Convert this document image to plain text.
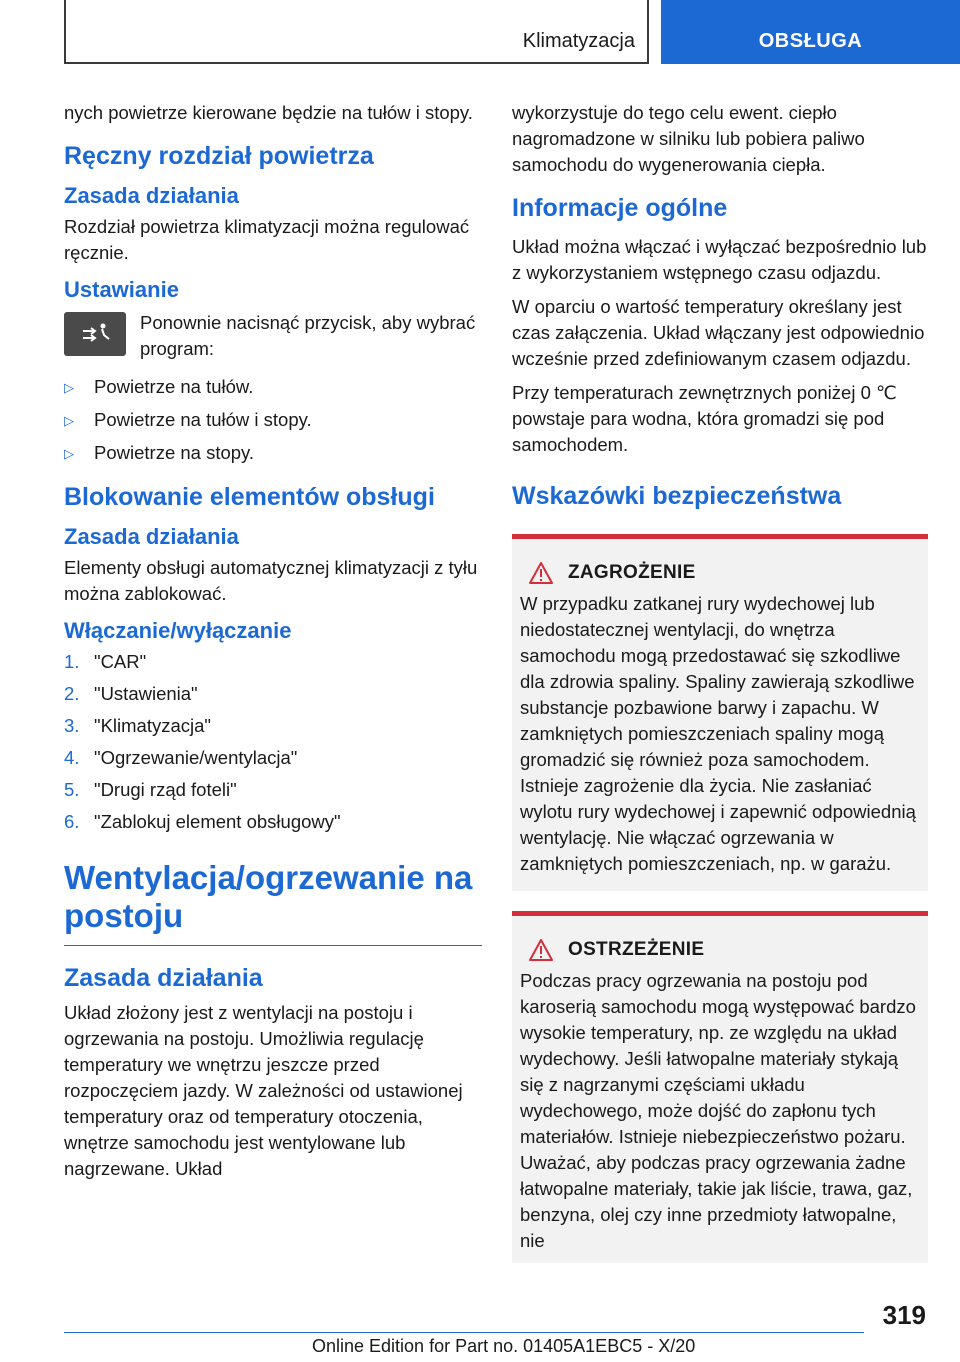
Klimatyzacja	OBSŁUGA

nych powietrze kierowane będzie na tułów i stopy.

Ręczny rozdział powietrza
Zasada działania

Rozdział powietrza klimatyzacji można regulować ręcznie.

Ustawianie
Ponownie nacisnąć przycisk, aby wybrać program:
▷	Powietrze na tułów.
▷	Powietrze na tułów i stopy.
▷	Powietrze na stopy.
Blokowanie elementów obsługi
Zasada działania

Elementy obsługi automatycznej klimatyzacji z tyłu można zablokować.

Włączanie/wyłączanie
1. "CAR"
2. "Ustawienia"
3. "Klimatyzacja"
4. "Ogrzewanie/wentylacja"
5. "Drugi rząd foteli"
6. "Zablokuj element obsługowy"
Wentylacja/ogrzewanie na postoju
Zasada działania

Układ złożony jest z wentylacji na postoju i ogrzewania na postoju. Umożliwia regulację temperatury we wnętrzu jeszcze przed rozpoczęciem jazdy. W zależności od ustawionej temperatury oraz od temperatury otoczenia, wnętrze samochodu jest wentylowane lub nagrzewane. Układ

wykorzystuje do tego celu ewent. ciepło nagromadzone w silniku lub pobiera paliwo samochodu do wygenerowania ciepła.

Informacje ogólne

Układ można włączać i wyłączać bezpośrednio lub z wykorzystaniem wstępnego czasu odjazdu.

W oparciu o wartość temperatury określany jest czas załączenia. Układ włączany jest odpowiednio wcześnie przed zdefiniowanym czasem odjazdu.

Przy temperaturach zewnętrznych poniżej 0 ℃ powstaje para wodna, która gromadzi się pod samochodem.

Wskazówki bezpieczeństwa
ZAGROŻENIE

W przypadku zatkanej rury wydechowej lub niedostatecznej wentylacji, do wnętrza samochodu mogą przedostawać się szkodliwe dla zdrowia spaliny. Spaliny zawierają szkodliwe substancje pozbawione barwy i zapachu. W zamkniętych pomieszczeniach spaliny mogą gromadzić się również poza samochodem. Istnieje zagrożenie dla życia. Nie zasłaniać wylotu rury wydechowej i zapewnić odpowiednią wentylację. Nie włączać ogrzewania w zamkniętych pomieszczeniach, np. w garażu.

OSTRZEŻENIE

Podczas pracy ogrzewania na postoju pod karoserią samochodu mogą występować bardzo wysokie temperatury, np. ze względu na układ wydechowy. Jeśli łatwopalne materiały stykają się z nagrzanymi częściami układu wydechowego, może dojść do zapłonu tych materiałów. Istnieje niebezpieczeństwo pożaru. Uważać, aby podczas pracy ogrzewania żadne łatwopalne materiały, takie jak liście, trawa, gaz, benzyna, olej czy inne przedmioty łatwopalne, nie

319
Online Edition for Part no. 01405A1EBC5 - X/20
